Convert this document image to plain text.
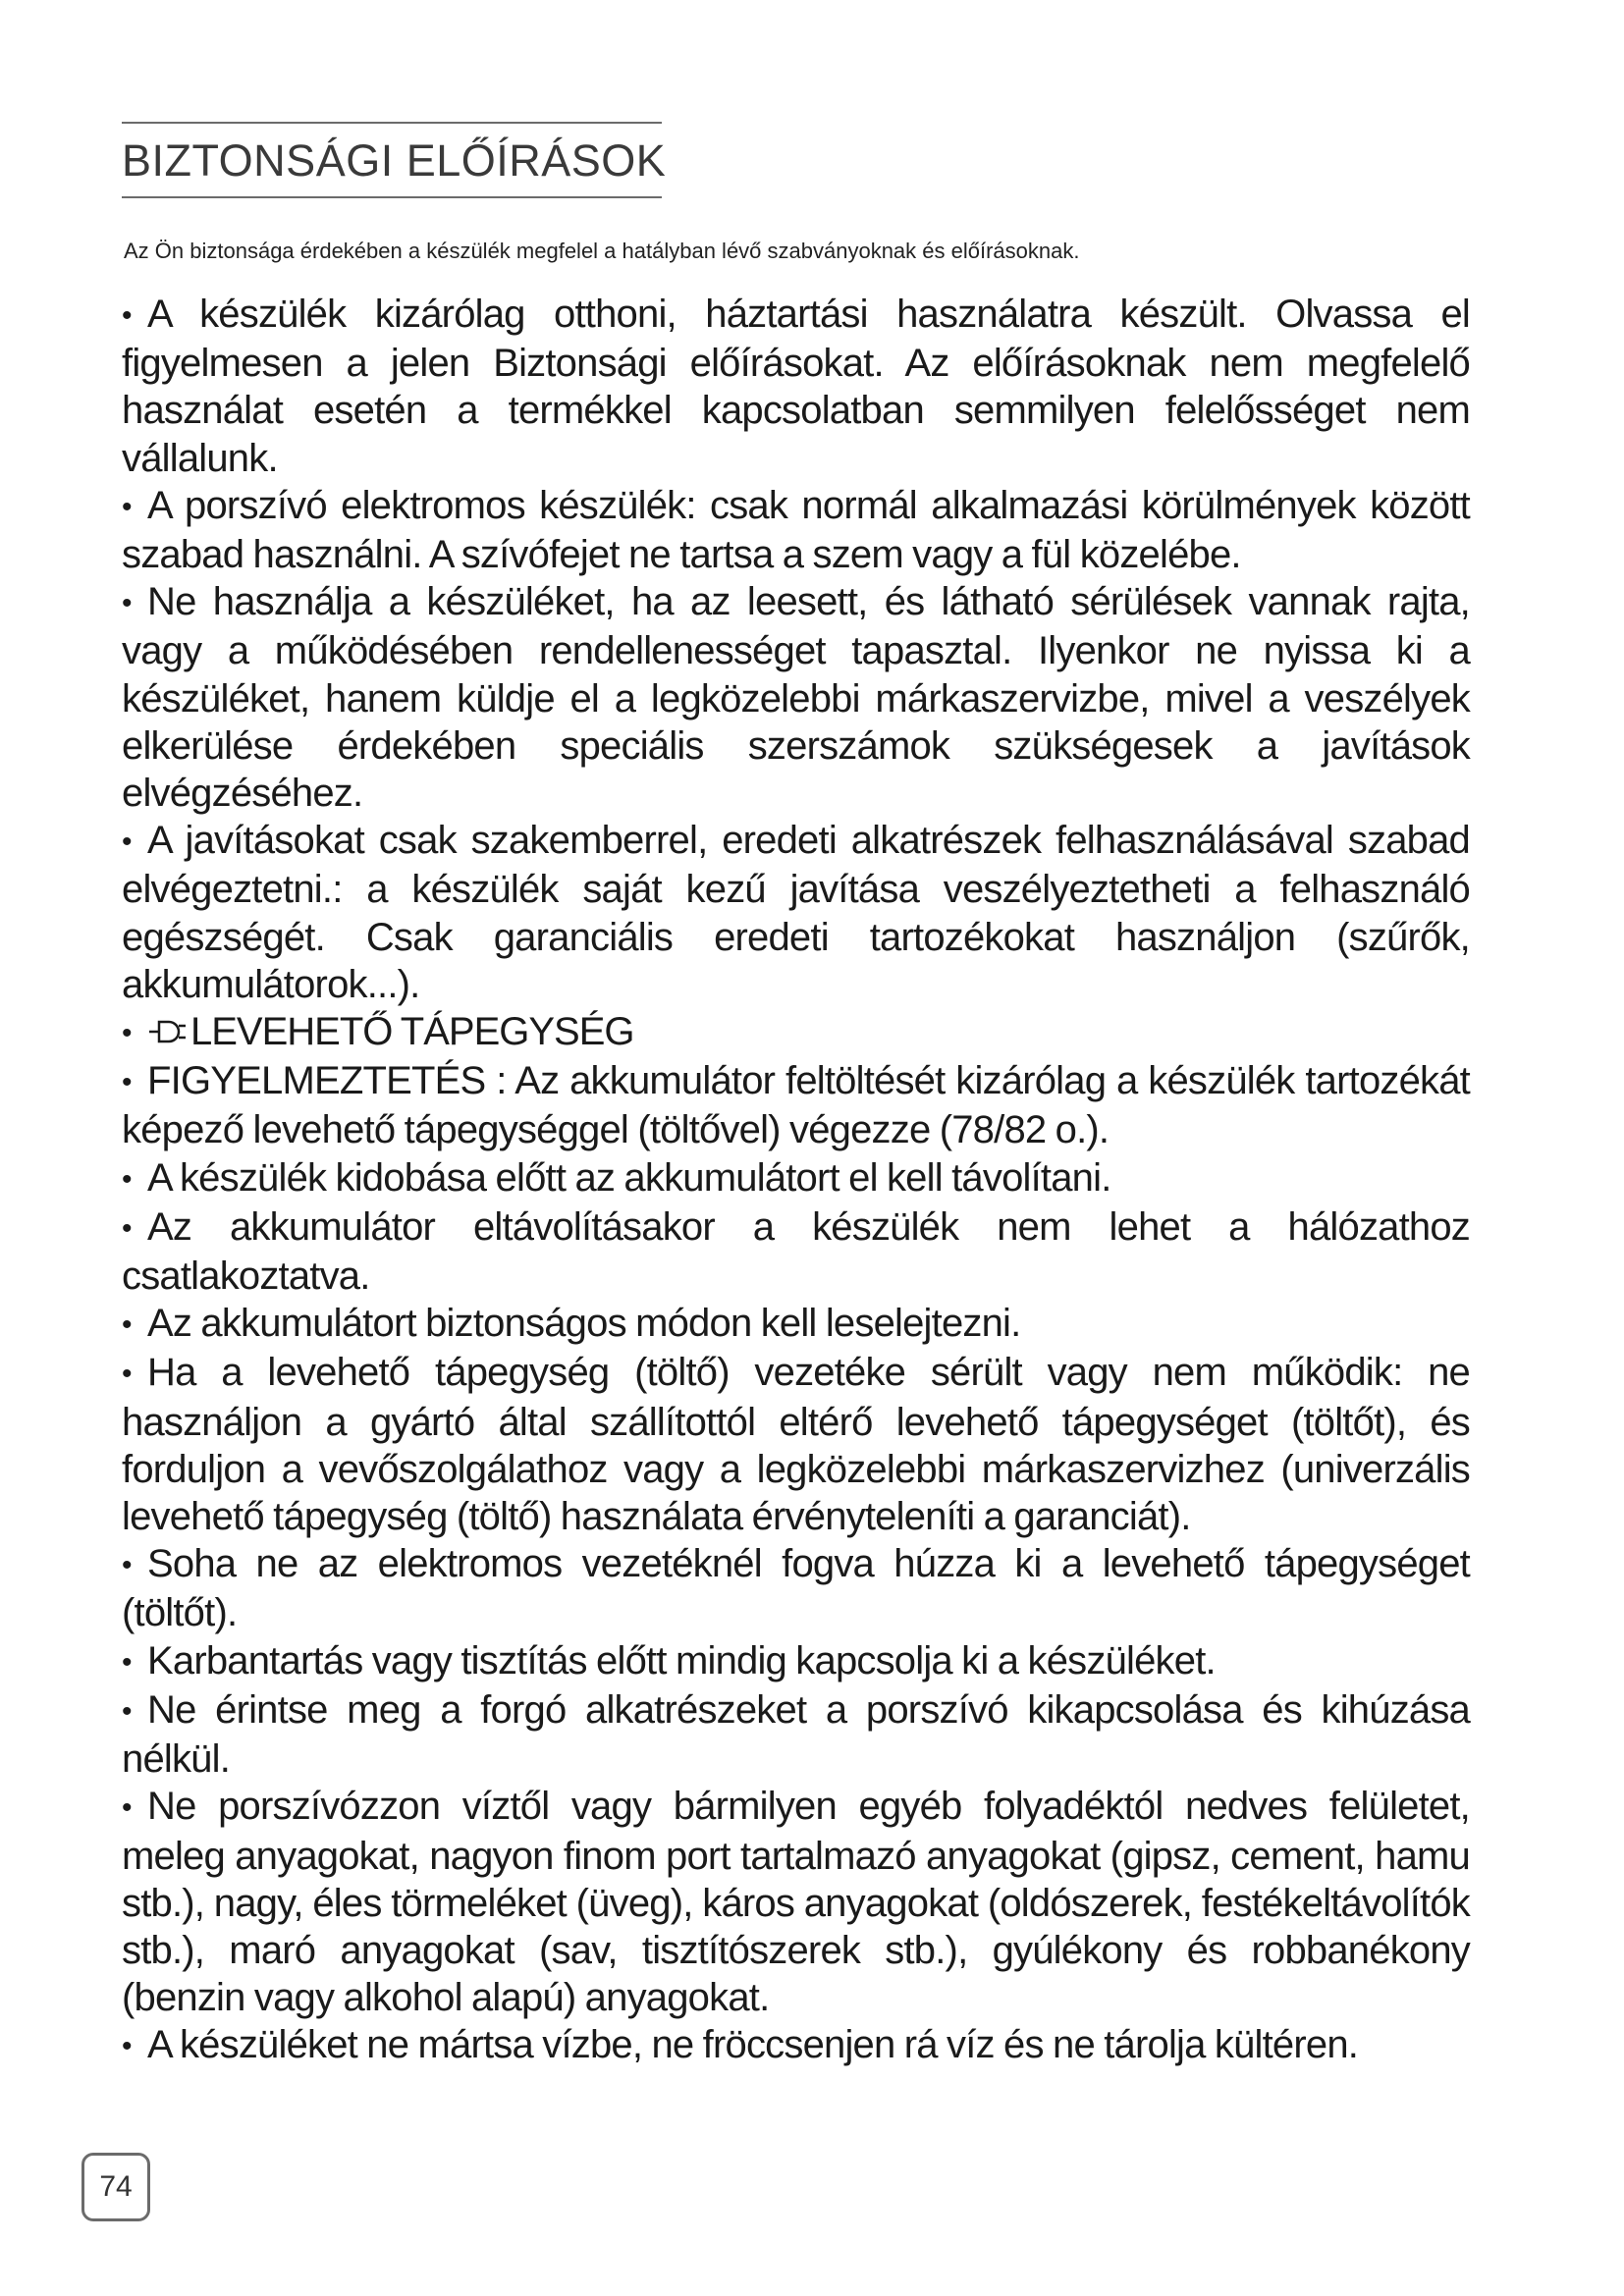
BIZTONSÁGI ELŐÍRÁSOK

Az Ön biztonsága érdekében a készülék megfelel a hatályban lévő szabványoknak és előírásoknak.

• A készülék kizárólag otthoni, háztartási használatra készült. Olvassa el figyelmesen a jelen Biztonsági előírásokat. Az előírásoknak nem megfelelő használat esetén a termékkel kapcsolatban semmilyen felelősséget nem vállalunk.
• A porszívó elektromos készülék: csak normál alkalmazási körülmények között szabad használni. A szívófejet ne tartsa a szem vagy a fül közelébe.
• Ne használja a készüléket, ha az leesett, és látható sérülések vannak rajta, vagy a működésében rendellenességet tapasztal. Ilyenkor ne nyissa ki a készüléket, hanem küldje el a legközelebbi márkaszervizbe, mivel a veszélyek elkerülése érdekében speciális szerszámok szükségesek a javítások elvégzéséhez.
• A javításokat csak szakemberrel, eredeti alkatrészek felhasználásával szabad elvégeztetni.: a készülék saját kezű javítása veszélyeztetheti a felhasználó egészségét. Csak garanciális eredeti tartozékokat használjon (szűrők, akkumulátorok...).
• LEVEHETŐ TÁPEGYSÉG
• FIGYELMEZTETÉS : Az akkumulátor feltöltését kizárólag a készülék tartozékát képező levehető tápegységgel (töltővel) végezze (78/82 o.).
• A készülék kidobása előtt az akkumulátort el kell távolítani.
• Az akkumulátor eltávolításakor a készülék nem lehet a hálózathoz csatlakoztatva.
• Az akkumulátort biztonságos módon kell leselejtezni.
• Ha a levehető tápegység (töltő) vezetéke sérült vagy nem működik: ne használjon a gyártó által szállítottól eltérő levehető tápegységet (töltőt), és forduljon a vevőszolgálathoz vagy a legközelebbi márkaszervizhez (univerzális levehető tápegység (töltő) használata érvényteleníti a garanciát).
• Soha ne az elektromos vezetéknél fogva húzza ki a levehető tápegységet (töltőt).
• Karbantartás vagy tisztítás előtt mindig kapcsolja ki a készüléket.
• Ne érintse meg a forgó alkatrészeket a porszívó kikapcsolása és kihúzása nélkül.
• Ne porszívózzon víztől vagy bármilyen egyéb folyadéktól nedves felületet, meleg anyagokat, nagyon finom port tartalmazó anyagokat (gipsz, cement, hamu stb.), nagy, éles törmeléket (üveg), káros anyagokat (oldószerek, festékeltávolítók stb.), maró anyagokat (sav, tisztítószerek stb.), gyúlékony és robbanékony (benzin vagy alkohol alapú) anyagokat.
• A készüléket ne mártsa vízbe, ne fröccsenjen rá víz és ne tárolja kültéren.
74
